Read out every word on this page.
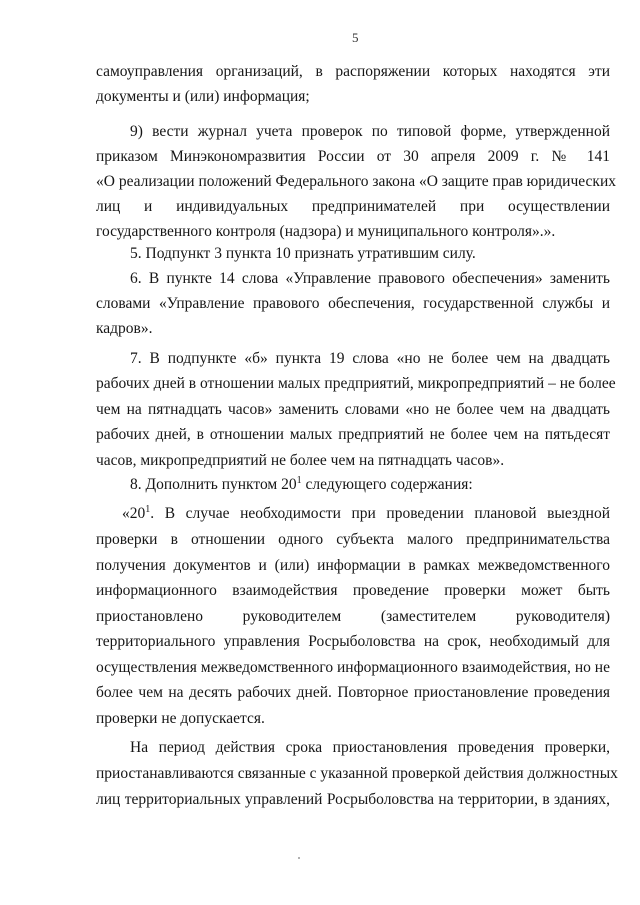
5
самоуправления организаций, в распоряжении которых находятся эти
документы и (или) информация;
9) вести журнал учета проверок по типовой форме, утвержденной
приказом Минэкономразвития России от 30 апреля 2009 г. № 141
«О реализации положений Федерального закона «О защите прав юридических
лиц и индивидуальных предпринимателей при осуществлении
государственного контроля (надзора) и муниципального контроля».».
5. Подпункт 3 пункта 10 признать утратившим силу.
6. В пункте 14 слова «Управление правового обеспечения» заменить
словами «Управление правового обеспечения, государственной службы и
кадров».
7. В подпункте «б» пункта 19 слова «но не более чем на двадцать
рабочих дней в отношении малых предприятий, микропредприятий – не более
чем на пятнадцать часов» заменить словами «но не более чем на двадцать
рабочих дней, в отношении малых предприятий не более чем на пятьдесят
часов, микропредприятий не более чем на пятнадцать часов».
8. Дополнить пунктом $20^1$ следующего содержания:
«$20^1$. В случае необходимости при проведении плановой выездной
проверки в отношении одного субъекта малого предпринимательства
получения документов и (или) информации в рамках межведомственного
информационного взаимодействия проведение проверки может быть
приостановлено руководителем (заместителем руководителя)
территориального управления Росрыболовства на срок, необходимый для
осуществления межведомственного информационного взаимодействия, но не
более чем на десять рабочих дней. Повторное приостановление проведения
проверки не допускается.
На период действия срока приостановления проведения проверки,
приостанавливаются связанные с указанной проверкой действия должностных
лиц территориальных управлений Росрыболовства на территории, в зданиях,
